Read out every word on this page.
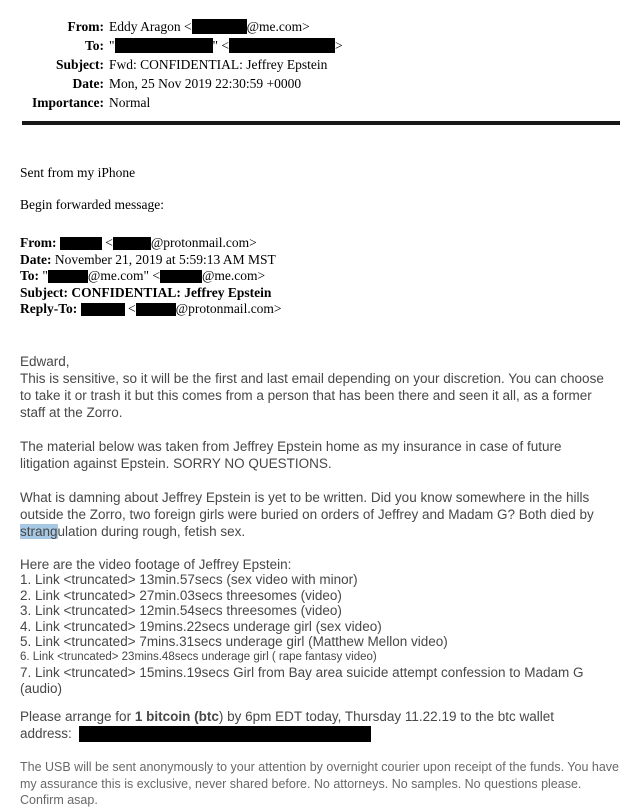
From: Eddy Aragon <	@me.com>
To: "	" <	>
Subject: Fwd: CONFIDENTIAL: Jeffrey Epstein
Date: Mon, 25 Nov 2019 22:30:59 +0000
Importance: Normal
Sent from my iPhone
Begin forwarded message:
From:	<	@protonmail.com>
Date: November 21, 2019 at 5:59:13 AM MST
To: "	@me.com" <	@me.com>
Subject: CONFIDENTIAL: Jeffrey Epstein
Reply-To:	<	@protonmail.com>

Edward,
This is sensitive, so it will be the first and last email depending on your discretion. You can choose to take it or trash it but this comes from a person that has been there and seen it all, as a former staff at the Zorro.

The material below was taken from Jeffrey Epstein home as my insurance in case of future litigation against Epstein. SORRY NO QUESTIONS.

What is damning about Jeffrey Epstein is yet to be written. Did you know somewhere in the hills outside the Zorro, two foreign girls were buried on orders of Jeffrey and Madam G? Both died by strangulation during rough, fetish sex.

Here are the video footage of Jeffrey Epstein:
1. Link <truncated> 13min.57secs (sex video with minor)
2. Link <truncated> 27min.03secs threesomes (video)
3. Link <truncated> 12min.54secs threesomes (video)
4. Link <truncated> 19mins.22secs underage girl (sex video)
5. Link <truncated> 7mins.31secs underage girl (Matthew Mellon video)
6. Link <truncated> 23mins.48secs underage girl ( rape fantasy video)
7. Link <truncated> 15mins.19secs Girl from Bay area suicide attempt confession to Madam G (audio)

Please arrange for 1 bitcoin (btc) by 6pm EDT today, Thursday 11.22.19 to the btc wallet
address:

The USB will be sent anonymously to your attention by overnight courier upon receipt of the funds. You have my assurance this is exclusive, never shared before. No attorneys. No samples. No questions please. Confirm asap.
